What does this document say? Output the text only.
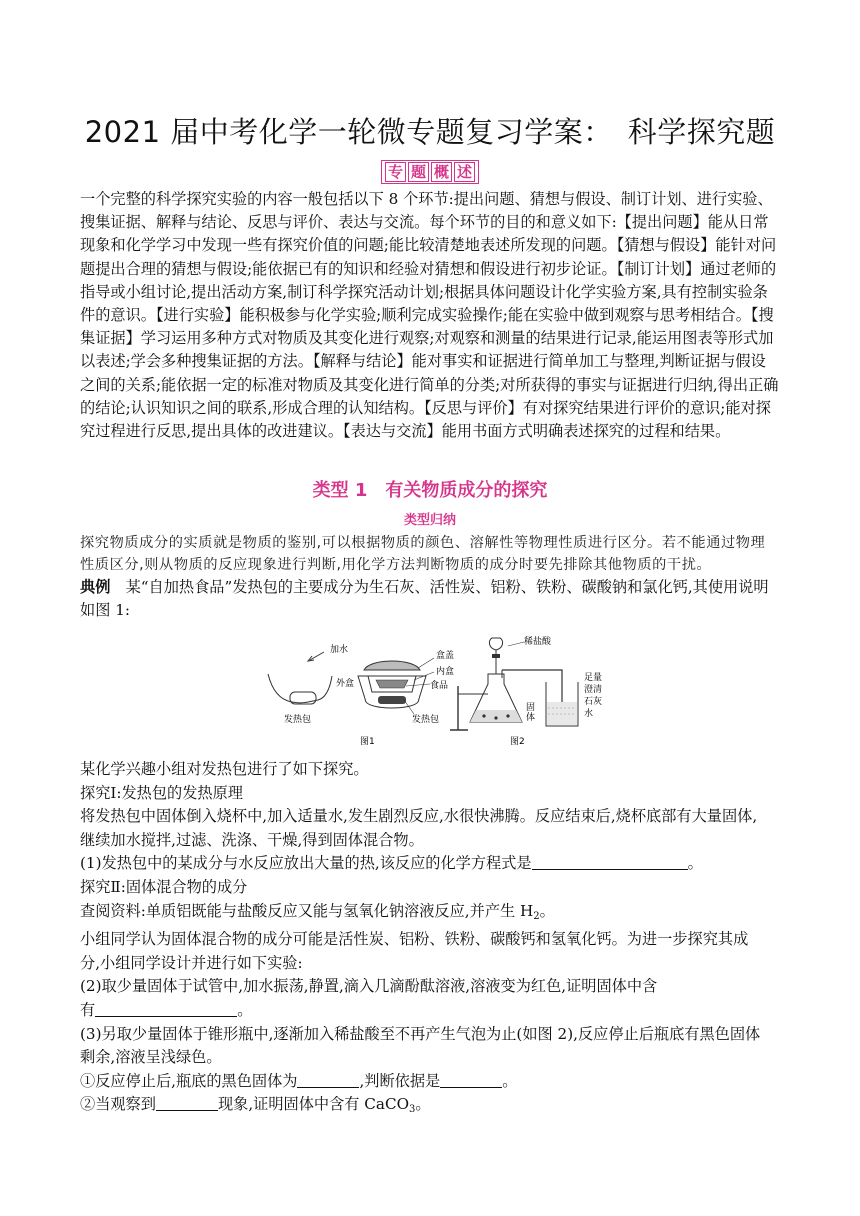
2021 届中考化学一轮微专题复习学案：　科学探究题
专 题 概 述
一个完整的科学探究实验的内容一般包括以下 8 个环节:提出问题、猜想与假设、制订计划、进行实验、搜集证据、解释与结论、反思与评价、表达与交流。每个环节的目的和意义如下:【提出问题】能从日常现象和化学学习中发现一些有探究价值的问题;能比较清楚地表述所发现的问题。【猜想与假设】能针对问题提出合理的猜想与假设;能依据已有的知识和经验对猜想和假设进行初步论证。【制订计划】通过老师的指导或小组讨论,提出活动方案,制订科学探究活动计划;根据具体问题设计化学实验方案,具有控制实验条件的意识。【进行实验】能积极参与化学实验;顺利完成实验操作;能在实验中做到观察与思考相结合。【搜集证据】学习运用多种方式对物质及其变化进行观察;对观察和测量的结果进行记录,能运用图表等形式加以表述;学会多种搜集证据的方法。【解释与结论】能对事实和证据进行简单加工与整理,判断证据与假设之间的关系;能依据一定的标准对物质及其变化进行简单的分类;对所获得的事实与证据进行归纳,得出正确的结论;认识知识之间的联系,形成合理的认知结构。【反思与评价】有对探究结果进行评价的意识;能对探究过程进行反思,提出具体的改进建议。【表达与交流】能用书面方式明确表述探究的过程和结果。
类型 1　有关物质成分的探究
类型归纳
探究物质成分的实质就是物质的鉴别,可以根据物质的颜色、溶解性等物理性质进行区分。若不能通过物理性质区分,则从物质的反应现象进行判断,用化学方法判断物质的成分时要先排除其他物质的干扰。
典例　某“自加热食品”发热包的主要成分为生石灰、活性炭、铝粉、铁粉、碳酸钠和氯化钙,其使用说明如图 1:
加水
发热包
外盒
盒盖
内盒
食品
发热包
图1
稀盐酸
固
体
足量
澄清
石灰
水
图2
某化学兴趣小组对发热包进行了如下探究。
探究Ⅰ:发热包的发热原理
将发热包中固体倒入烧杯中,加入适量水,发生剧烈反应,水很快沸腾。反应结束后,烧杯底部有大量固体,
继续加水搅拌,过滤、洗涤、干燥,得到固体混合物。
(1)发热包中的某成分与水反应放出大量的热,该反应的化学方程式是	。
探究Ⅱ:固体混合物的成分
查阅资料:单质铝既能与盐酸反应又能与氢氧化钠溶液反应,并产生 $H_2$。
小组同学认为固体混合物的成分可能是活性炭、铝粉、铁粉、碳酸钙和氢氧化钙。为进一步探究其成
分,小组同学设计并进行如下实验:
(2)取少量固体于试管中,加水振荡,静置,滴入几滴酚酞溶液,溶液变为红色,证明固体中含
有	。
(3)另取少量固体于锥形瓶中,逐渐加入稀盐酸至不再产生气泡为止(如图 2),反应停止后瓶底有黑色固体
剩余,溶液呈浅绿色。
①反应停止后,瓶底的黑色固体为	,判断依据是	。
②当观察到	现象,证明固体中含有 CaCO$_3$。
